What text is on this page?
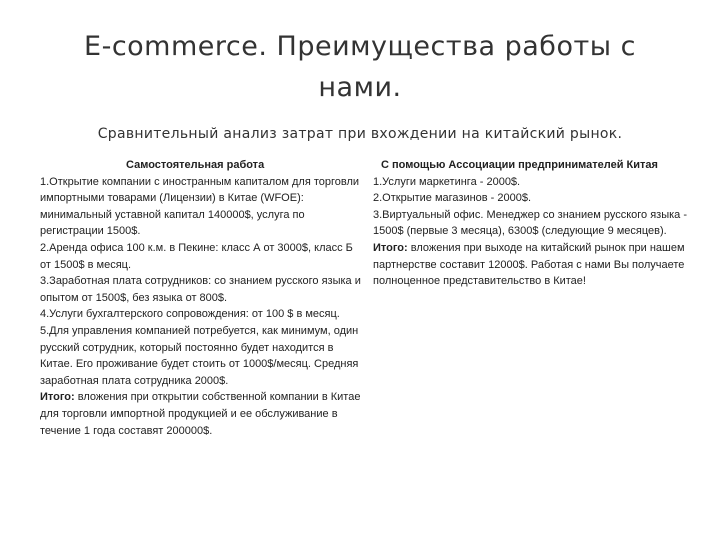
E-commerce. Преимущества работы с
нами.
Сравнительный анализ затрат при вхождении на китайский рынок.
Самостоятельная работа

1.Открытие компании с иностранным капиталом для торговли импортными товарами (Лицензии) в Китае (WFOE): минимальный уставной капитал 140000$, услуга по регистрации 1500$.

2.Аренда офиса 100 к.м. в Пекине: класс А от 3000$, класс Б от 1500$ в месяц.

3.Заработная плата сотрудников: со знанием русского языка и опытом от 1500$, без языка от 800$.

4.Услуги бухгалтерского сопровождения: от 100 $ в месяц.

5.Для управления компанией потребуется, как минимум, один русский сотрудник, который постоянно будет находится в Китае. Его проживание будет стоить от 1000$/месяц. Средняя заработная плата сотрудника 2000$.

Итого: вложения при открытии собственной компании в Китае для торговли импортной продукцией и ее обслуживание в течение 1 года составят 200000$.

С помощью Ассоциации предпринимателей Китая

1.Услуги маркетинга - 2000$.

2.Открытие магазинов - 2000$.

3.Виртуальный офис. Менеджер со знанием русского языка - 1500$ (первые 3 месяца), 6300$ (следующие 9 месяцев).

Итого: вложения при выходе на китайский рынок при нашем партнерстве составит 12000$. Работая с нами Вы получаете полноценное представительство в Китае!
